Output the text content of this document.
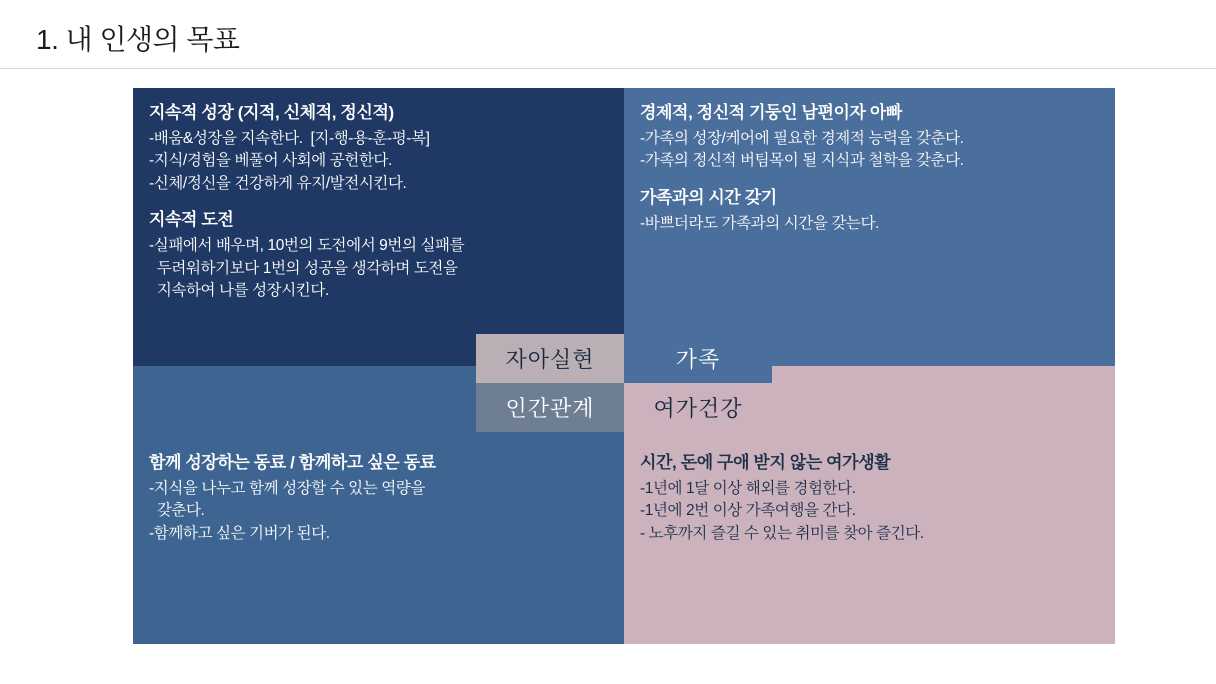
1. 내 인생의 목표
지속적 성장 (지적, 신체적, 정신적)
-배움&성장을 지속한다.  [지-행-용-훈-평-복]
-지식/경험을 베풀어 사회에 공헌한다.
-신체/정신을 건강하게 유지/발전시킨다.
지속적 도전
-실패에서 배우며, 10번의 도전에서 9번의 실패를
두려워하기보다 1번의 성공을 생각하며 도전을
지속하여 나를 성장시킨다.
경제적, 정신적 기둥인 남편이자 아빠
-가족의 성장/케어에 필요한 경제적 능력을 갖춘다.
-가족의 정신적 버팀목이 될 지식과 철학을 갖춘다.
가족과의 시간 갖기
-바쁘더라도 가족과의 시간을 갖는다.
함께 성장하는 동료 / 함께하고 싶은 동료
-지식을 나누고 함께 성장할 수 있는 역량을
갖춘다.
-함께하고 싶은 기버가 된다.
시간, 돈에 구애 받지 않는 여가생활
-1년에 1달 이상 해외를 경험한다.
-1년에 2번 이상 가족여행을 간다.
- 노후까지 즐길 수 있는 취미를 찾아 즐긴다.
자아실현	가족
인간관계	여가건강
